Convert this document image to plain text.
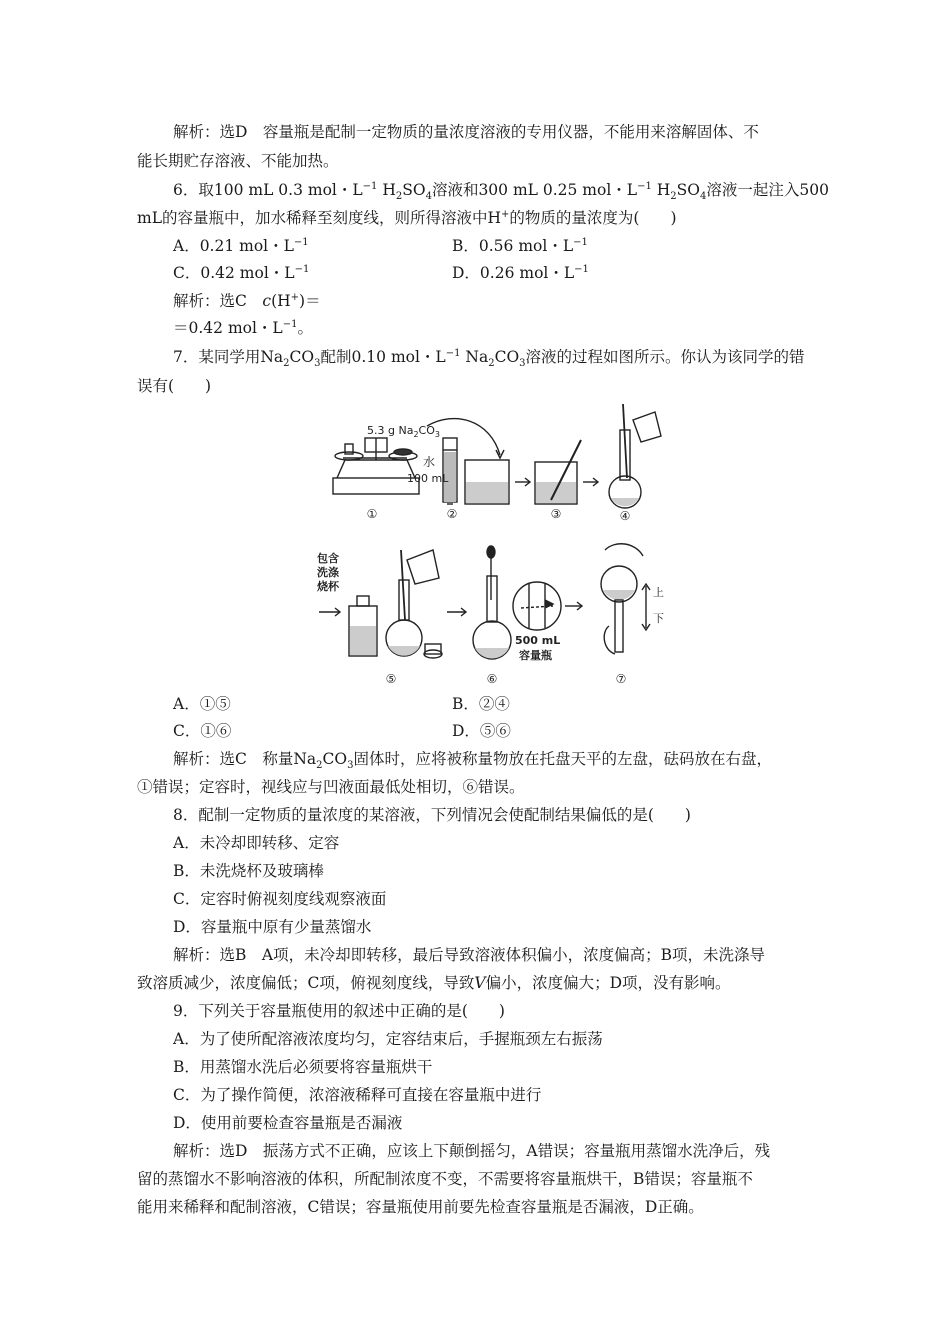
解析：选D　容量瓶是配制一定物质的量浓度溶液的专用仪器，不能用来溶解固体、不
能长期贮存溶液、不能加热。
6．取100 mL 0.3 mol・$L^{-1}$ $H_2SO_4$溶液和300 mL 0.25 mol・$L^{-1}$ $H_2SO_4$溶液一起注入500
mL的容量瓶中，加水稀释至刻度线，则所得溶液中H+的物质的量浓度为(　　)
A．0.21 mol・$L^{-1}$	B．0.56 mol・$L^{-1}$
C．0.42 mol・$L^{-1}$	D．0.26 mol・$L^{-1}$
解析：选C　c(H+)＝
＝0.42 mol・$L^{-1}$。
7．某同学用$Na_2CO_3$配制0.10 mol・$L^{-1}$ $Na_2CO_3$溶液的过程如图所示。你认为该同学的错
误有(　　)
5.3 g $Na_2CO_3$
①
水
100 mL
②	③	④
包含
洗涤
烧杯
⑤
500 mL
容量瓶
⑥
上
下
⑦
A．①⑤	B．②④
C．①⑥	D．⑤⑥
解析：选C　称量$Na_2CO_3$固体时，应将被称量物放在托盘天平的左盘，砝码放在右盘，
①错误；定容时，视线应与凹液面最低处相切，⑥错误。
8．配制一定物质的量浓度的某溶液，下列情况会使配制结果偏低的是(　　)
A．未冷却即转移、定容
B．未洗烧杯及玻璃棒
C．定容时俯视刻度线观察液面
D．容量瓶中原有少量蒸馏水
解析：选B　A项，未冷却即转移，最后导致溶液体积偏小，浓度偏高；B项，未洗涤导
致溶质减少，浓度偏低；C项，俯视刻度线，导致V偏小，浓度偏大；D项，没有影响。
9．下列关于容量瓶使用的叙述中正确的是(　　)
A．为了使所配溶液浓度均匀，定容结束后，手握瓶颈左右振荡
B．用蒸馏水洗后必须要将容量瓶烘干
C．为了操作简便，浓溶液稀释可直接在容量瓶中进行
D．使用前要检查容量瓶是否漏液
解析：选D　振荡方式不正确，应该上下颠倒摇匀，A错误；容量瓶用蒸馏水洗净后，残
留的蒸馏水不影响溶液的体积，所配制浓度不变，不需要将容量瓶烘干，B错误；容量瓶不
能用来稀释和配制溶液，C错误；容量瓶使用前要先检查容量瓶是否漏液，D正确。
